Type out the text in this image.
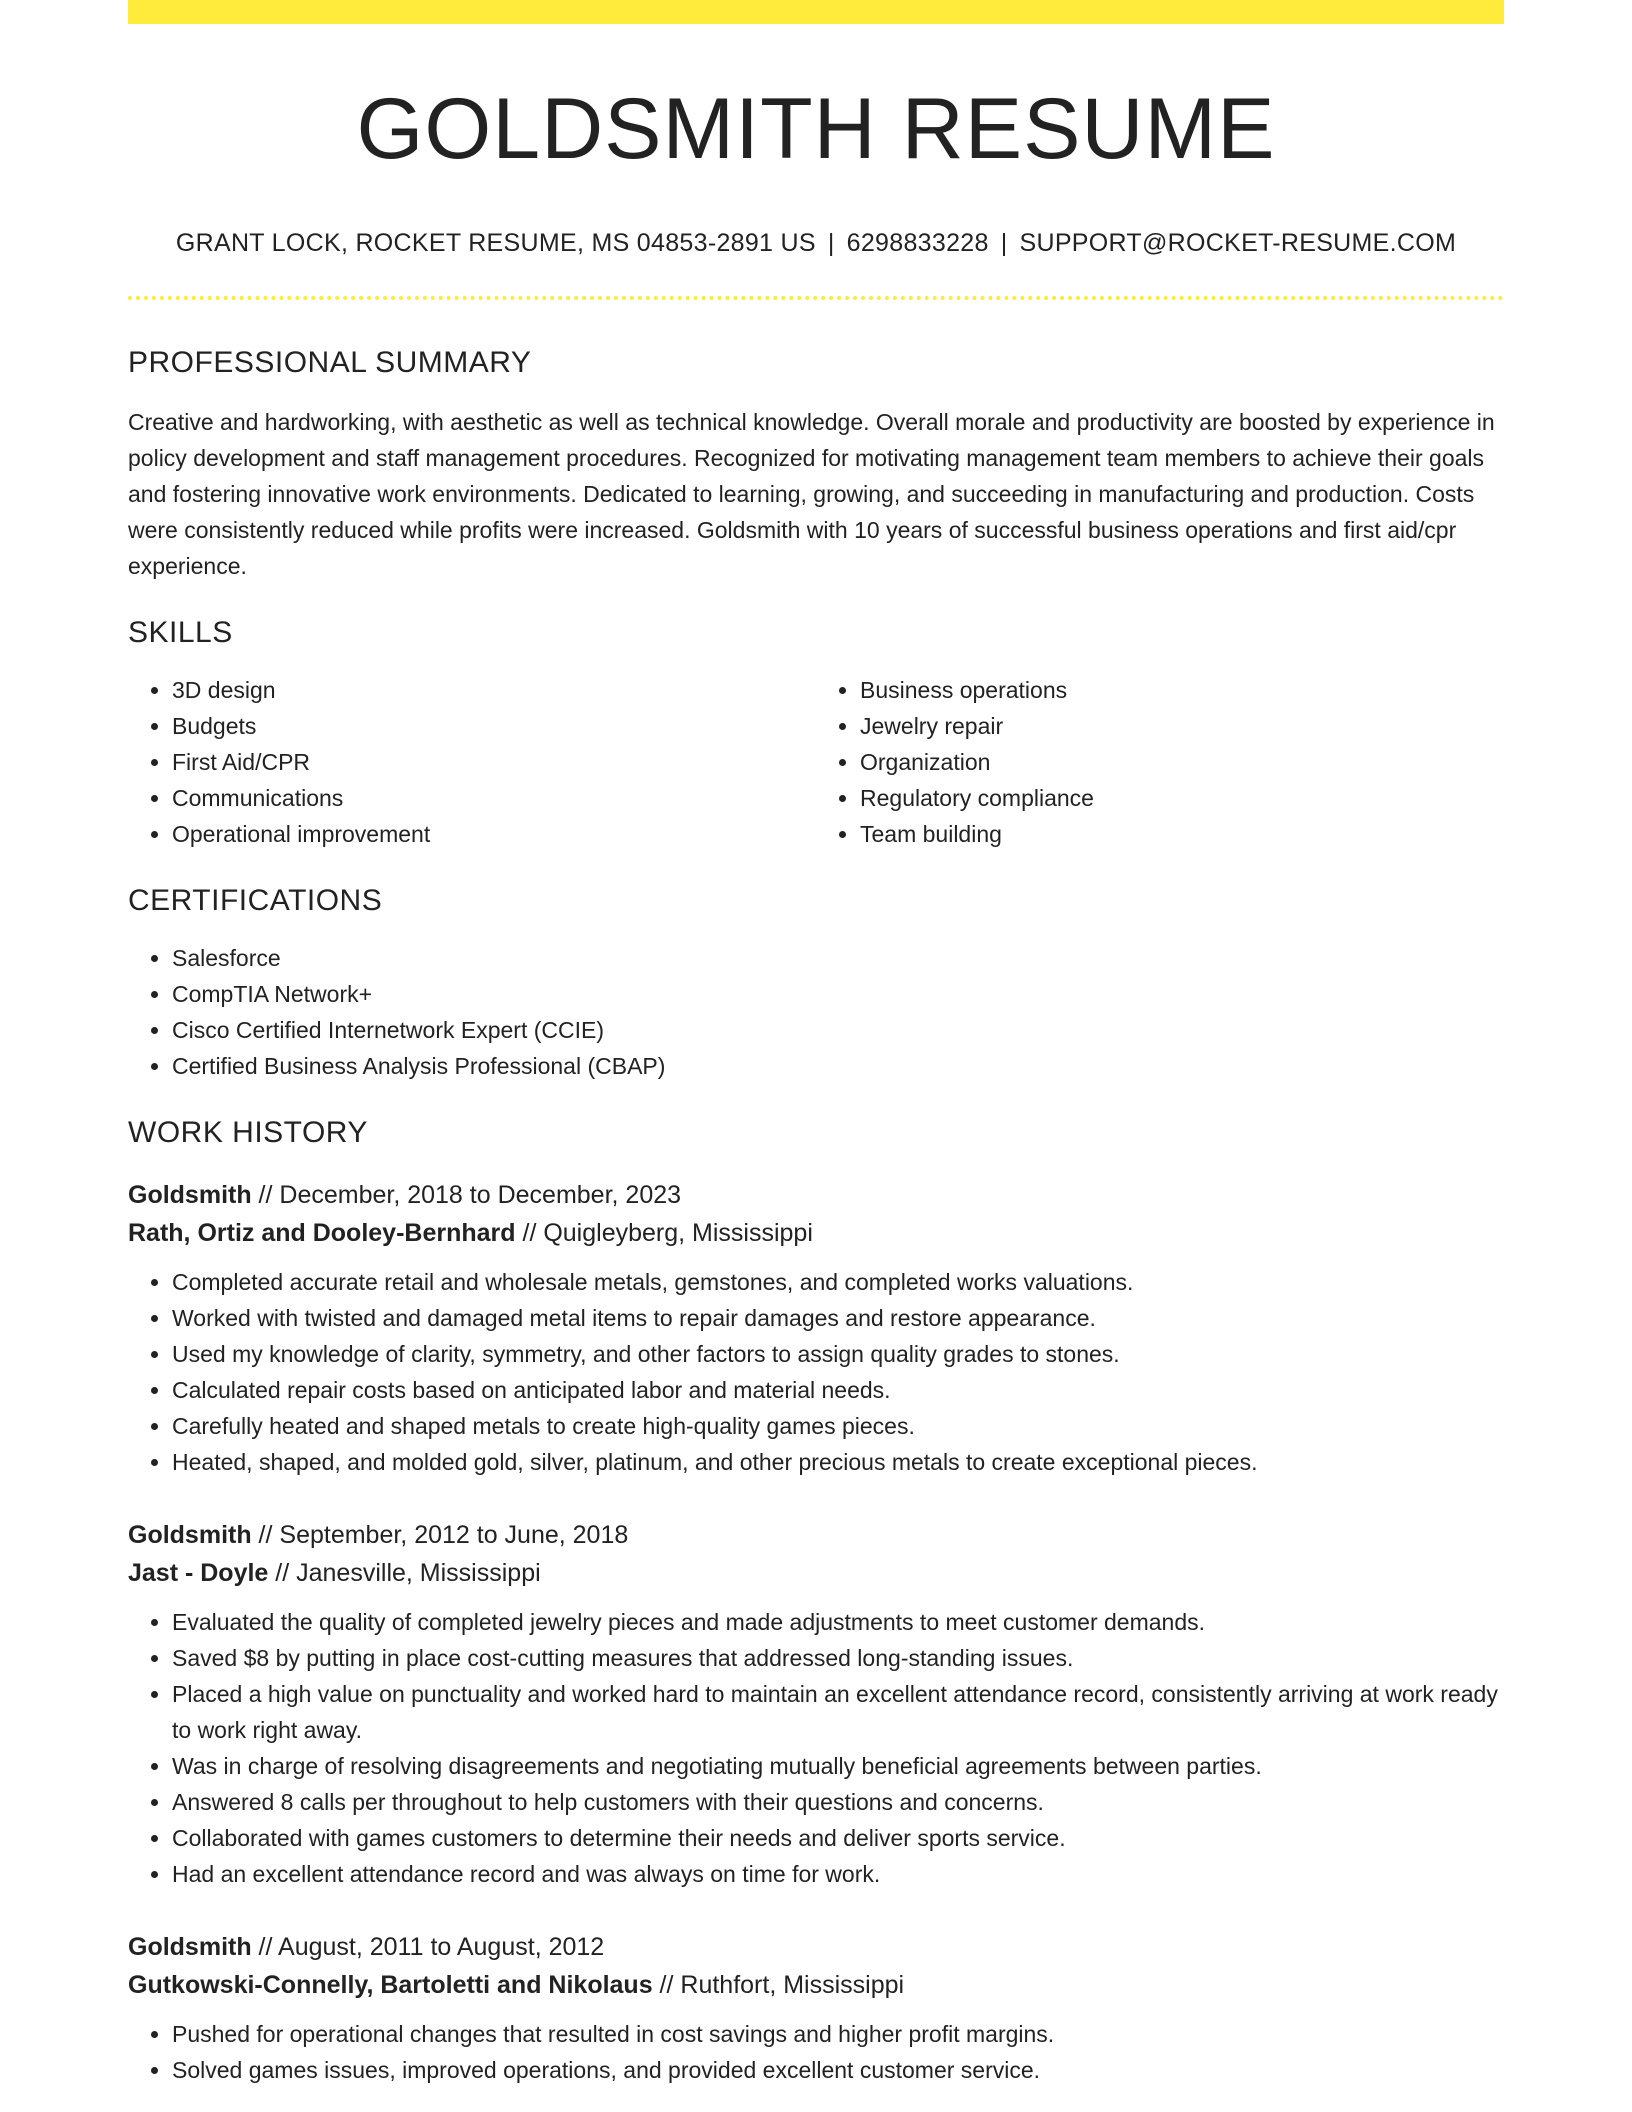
GOLDSMITH RESUME
GRANT LOCK, ROCKET RESUME, MS 04853-2891 US | 6298833228 | SUPPORT@ROCKET-RESUME.COM
PROFESSIONAL SUMMARY

Creative and hardworking, with aesthetic as well as technical knowledge. Overall morale and productivity are boosted by experience in policy development and staff management procedures. Recognized for motivating management team members to achieve their goals and fostering innovative work environments. Dedicated to learning, growing, and succeeding in manufacturing and production. Costs were consistently reduced while profits were increased. Goldsmith with 10 years of successful business operations and first aid/cpr experience.

SKILLS
• 3D design
• Budgets
• First Aid/CPR
• Communications
• Operational improvement
• Business operations
• Jewelry repair
• Organization
• Regulatory compliance
• Team building
CERTIFICATIONS
• Salesforce
• CompTIA Network+
• Cisco Certified Internetwork Expert (CCIE)
• Certified Business Analysis Professional (CBAP)
WORK HISTORY
Goldsmith // December, 2018 to December, 2023
Rath, Ortiz and Dooley-Bernhard // Quigleyberg, Mississippi
• Completed accurate retail and wholesale metals, gemstones, and completed works valuations.
• Worked with twisted and damaged metal items to repair damages and restore appearance.
• Used my knowledge of clarity, symmetry, and other factors to assign quality grades to stones.
• Calculated repair costs based on anticipated labor and material needs.
• Carefully heated and shaped metals to create high-quality games pieces.
• Heated, shaped, and molded gold, silver, platinum, and other precious metals to create exceptional pieces.
Goldsmith // September, 2012 to June, 2018
Jast - Doyle // Janesville, Mississippi
• Evaluated the quality of completed jewelry pieces and made adjustments to meet customer demands.
• Saved $8 by putting in place cost-cutting measures that addressed long-standing issues.
• Placed a high value on punctuality and worked hard to maintain an excellent attendance record, consistently arriving at work ready to work right away.
• Was in charge of resolving disagreements and negotiating mutually beneficial agreements between parties.
• Answered 8 calls per throughout to help customers with their questions and concerns.
• Collaborated with games customers to determine their needs and deliver sports service.
• Had an excellent attendance record and was always on time for work.
Goldsmith // August, 2011 to August, 2012
Gutkowski-Connelly, Bartoletti and Nikolaus // Ruthfort, Mississippi
• Pushed for operational changes that resulted in cost savings and higher profit margins.
• Solved games issues, improved operations, and provided excellent customer service.
